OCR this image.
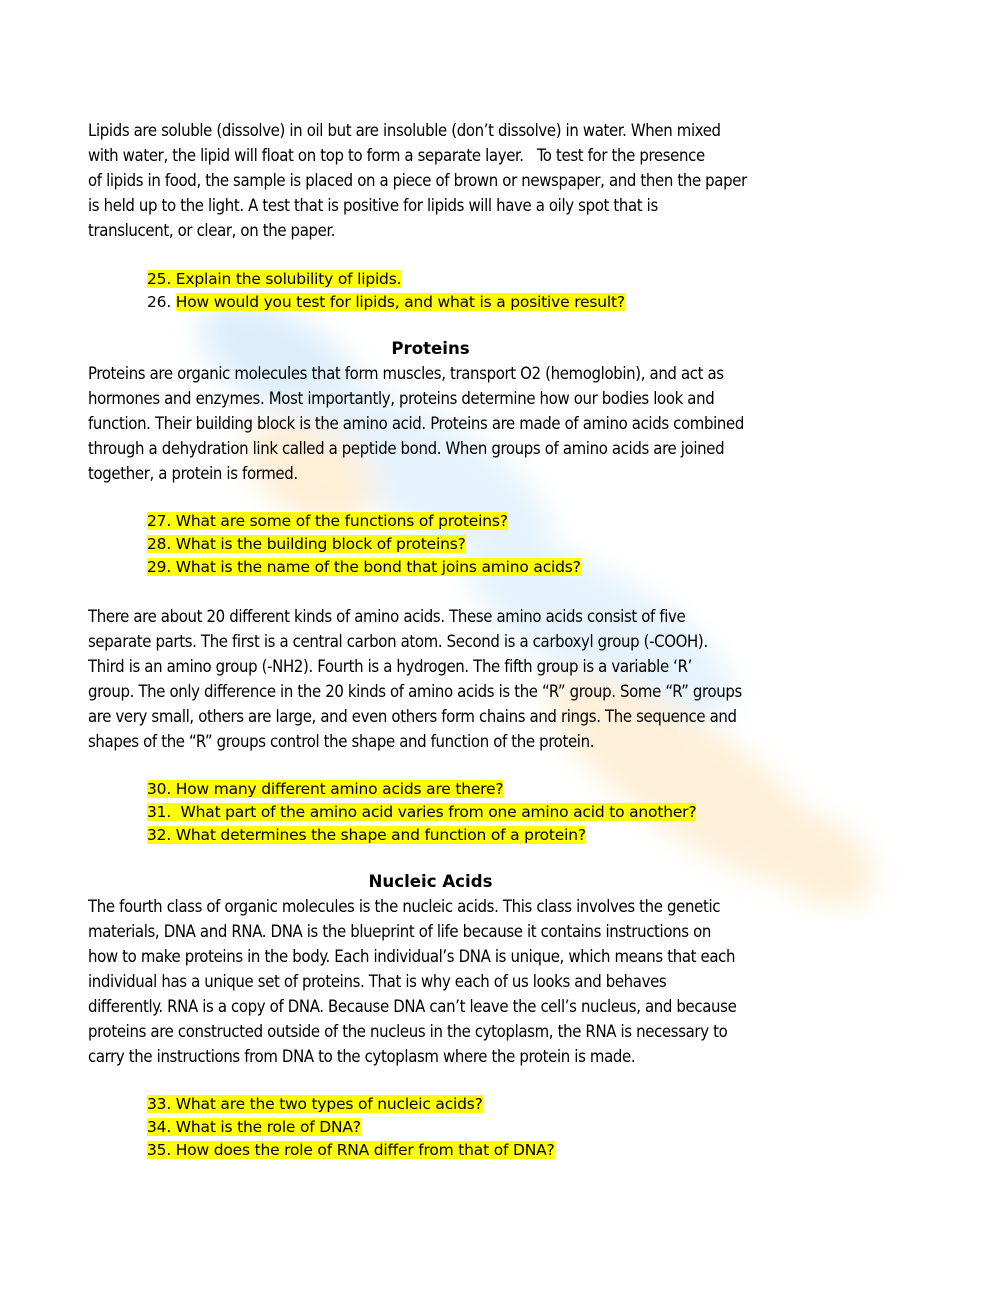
Lipids are soluble (dissolve) in oil but are insoluble (don’t dissolve) in water. When mixed
with water, the lipid will float on top to form a separate layer.   To test for the presence
of lipids in food, the sample is placed on a piece of brown or newspaper, and then the paper
is held up to the light. A test that is positive for lipids will have a oily spot that is
translucent, or clear, on the paper.

25. Explain the solubility of lipids.
26. How would you test for lipids, and what is a positive result?
Proteins

Proteins are organic molecules that form muscles, transport O2 (hemoglobin), and act as
hormones and enzymes. Most importantly, proteins determine how our bodies look and
function. Their building block is the amino acid. Proteins are made of amino acids combined
through a dehydration link called a peptide bond. When groups of amino acids are joined
together, a protein is formed.

27. What are some of the functions of proteins?
28. What is the building block of proteins?
29. What is the name of the bond that joins amino acids?

There are about 20 different kinds of amino acids. These amino acids consist of five
separate parts. The first is a central carbon atom. Second is a carboxyl group (-COOH).
Third is an amino group (-NH2). Fourth is a hydrogen. The fifth group is a variable ‘R’
group. The only difference in the 20 kinds of amino acids is the “R” group. Some “R” groups
are very small, others are large, and even others form chains and rings. The sequence and
shapes of the “R” groups control the shape and function of the protein.

30. How many different amino acids are there?
31.  What part of the amino acid varies from one amino acid to another?
32. What determines the shape and function of a protein?
Nucleic Acids

The fourth class of organic molecules is the nucleic acids. This class involves the genetic
materials, DNA and RNA. DNA is the blueprint of life because it contains instructions on
how to make proteins in the body. Each individual’s DNA is unique, which means that each
individual has a unique set of proteins. That is why each of us looks and behaves
differently. RNA is a copy of DNA. Because DNA can’t leave the cell’s nucleus, and because
proteins are constructed outside of the nucleus in the cytoplasm, the RNA is necessary to
carry the instructions from DNA to the cytoplasm where the protein is made.

33. What are the two types of nucleic acids?
34. What is the role of DNA?
35. How does the role of RNA differ from that of DNA?
